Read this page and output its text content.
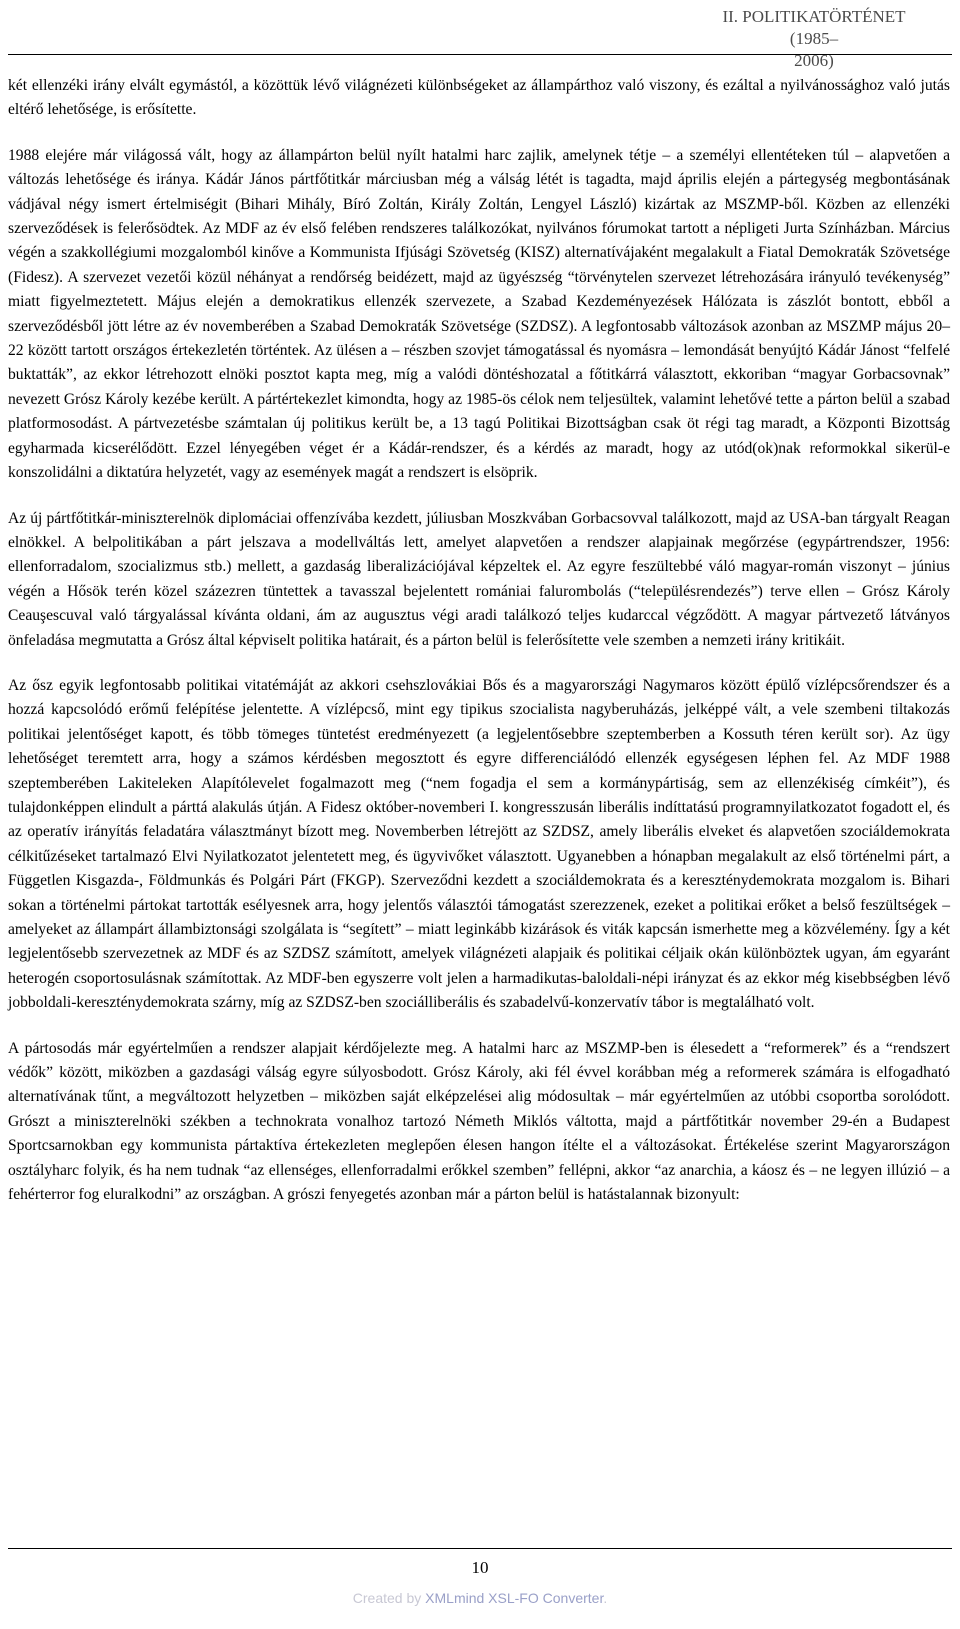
II. POLITIKATÖRTÉNET (1985–
2006)

két ellenzéki irány elvált egymástól, a közöttük lévő világnézeti különbségeket az állampárthoz való viszony, és ezáltal a nyilvánossághoz való jutás eltérő lehetősége, is erősítette.

1988 elejére már világossá vált, hogy az állampárton belül nyílt hatalmi harc zajlik, amelynek tétje – a személyi ellentéteken túl – alapvetően a változás lehetősége és iránya. Kádár János pártfőtitkár márciusban még a válság létét is tagadta, majd április elején a pártegység megbontásának vádjával négy ismert értelmiségit (Bihari Mihály, Bíró Zoltán, Király Zoltán, Lengyel László) kizártak az MSZMP-ből. Közben az ellenzéki szerveződések is felerősödtek. Az MDF az év első felében rendszeres találkozókat, nyilvános fórumokat tartott a népligeti Jurta Színházban. Március végén a szakkollégiumi mozgalomból kinőve a Kommunista Ifjúsági Szövetség (KISZ) alternatívájaként megalakult a Fiatal Demokraták Szövetsége (Fidesz). A szervezet vezetői közül néhányat a rendőrség beidézett, majd az ügyészség “törvénytelen szervezet létrehozására irányuló tevékenység” miatt figyelmeztetett. Május elején a demokratikus ellenzék szervezete, a Szabad Kezdeményezések Hálózata is zászlót bontott, ebből a szerveződésből jött létre az év novemberében a Szabad Demokraták Szövetsége (SZDSZ). A legfontosabb változások azonban az MSZMP május 20–22 között tartott országos értekezletén történtek. Az ülésen a – részben szovjet támogatással és nyomásra – lemondását benyújtó Kádár Jánost “felfelé buktatták”, az ekkor létrehozott elnöki posztot kapta meg, míg a valódi döntéshozatal a főtitkárrá választott, ekkoriban “magyar Gorbacsovnak” nevezett Grósz Károly kezébe került. A pártértekezlet kimondta, hogy az 1985-ös célok nem teljesültek, valamint lehetővé tette a párton belül a szabad platformosodást. A pártvezetésbe számtalan új politikus került be, a 13 tagú Politikai Bizottságban csak öt régi tag maradt, a Központi Bizottság egyharmada kicserélődött. Ezzel lényegében véget ér a Kádár-rendszer, és a kérdés az maradt, hogy az utód(ok)nak reformokkal sikerül-e konszolidálni a diktatúra helyzetét, vagy az események magát a rendszert is elsöprik.

Az új pártfőtitkár-miniszterelnök diplomáciai offenzívába kezdett, júliusban Moszkvában Gorbacsovval találkozott, majd az USA-ban tárgyalt Reagan elnökkel. A belpolitikában a párt jelszava a modellváltás lett, amelyet alapvetően a rendszer alapjainak megőrzése (egypártrendszer, 1956: ellenforradalom, szocializmus stb.) mellett, a gazdaság liberalizációjával képzeltek el. Az egyre feszültebbé váló magyar-román viszonyt – június végén a Hősök terén közel százezren tüntettek a tavasszal bejelentett romániai falurombolás (“településrendezés”) terve ellen – Grósz Károly Ceauşescuval való tárgyalással kívánta oldani, ám az augusztus végi aradi találkozó teljes kudarccal végződött. A magyar pártvezető látványos önfeladása megmutatta a Grósz által képviselt politika határait, és a párton belül is felerősítette vele szemben a nemzeti irány kritikáit.

Az ősz egyik legfontosabb politikai vitatémáját az akkori csehszlovákiai Bős és a magyarországi Nagymaros között épülő vízlépcsőrendszer és a hozzá kapcsolódó erőmű felépítése jelentette. A vízlépcső, mint egy tipikus szocialista nagyberuházás, jelképpé vált, a vele szembeni tiltakozás politikai jelentőséget kapott, és több tömeges tüntetést eredményezett (a legjelentősebbre szeptemberben a Kossuth téren került sor). Az ügy lehetőséget teremtett arra, hogy a számos kérdésben megosztott és egyre differenciálódó ellenzék egységesen léphen fel. Az MDF 1988 szeptemberében Lakiteleken Alapítólevelet fogalmazott meg (“nem fogadja el sem a kormánypártiság, sem az ellenzékiség címkéit”), és tulajdonképpen elindult a párttá alakulás útján. A Fidesz október-novemberi I. kongresszusán liberális indíttatású programnyilatkozatot fogadott el, és az operatív irányítás feladatára választmányt bízott meg. Novemberben létrejött az SZDSZ, amely liberális elveket és alapvetően szociáldemokrata célkitűzéseket tartalmazó Elvi Nyilatkozatot jelentetett meg, és ügyvivőket választott. Ugyanebben a hónapban megalakult az első történelmi párt, a Független Kisgazda-, Földmunkás és Polgári Párt (FKGP). Szerveződni kezdett a szociáldemokrata és a kereszténydemokrata mozgalom is. Bihari sokan a történelmi pártokat tartották esélyesnek arra, hogy jelentős választói támogatást szerezzenek, ezeket a politikai erőket a belső feszültségek – amelyeket az állampárt állambiztonsági szolgálata is “segített” – miatt leginkább kizárások és viták kapcsán ismerhette meg a közvélemény. Így a két legjelentősebb szervezetnek az MDF és az SZDSZ számított, amelyek világnézeti alapjaik és politikai céljaik okán különböztek ugyan, ám egyaránt heterogén csoportosulásnak számítottak. Az MDF-ben egyszerre volt jelen a harmadikutas-baloldali-népi irányzat és az ekkor még kisebbségben lévő jobboldali-kereszténydemokrata szárny, míg az SZDSZ-ben szociálliberális és szabadelvű-konzervatív tábor is megtalálható volt.

A pártosodás már egyértelműen a rendszer alapjait kérdőjelezte meg. A hatalmi harc az MSZMP-ben is élesedett a “reformerek” és a “rendszert védők” között, miközben a gazdasági válság egyre súlyosbodott. Grósz Károly, aki fél évvel korábban még a reformerek számára is elfogadható alternatívának tűnt, a megváltozott helyzetben – miközben saját elképzelései alig módosultak – már egyértelműen az utóbbi csoportba sorolódott. Grószt a miniszterelnöki székben a technokrata vonalhoz tartozó Németh Miklós váltotta, majd a pártfőtitkár november 29-én a Budapest Sportcsarnokban egy kommunista pártaktíva értekezleten meglepően élesen hangon ítélte el a változásokat. Értékelése szerint Magyarországon osztályharc folyik, és ha nem tudnak “az ellenséges, ellenforradalmi erőkkel szemben” fellépni, akkor “az anarchia, a káosz és – ne legyen illúzió – a fehérterror fog eluralkodni” az országban. A grószi fenyegetés azonban már a párton belül is hatástalannak bizonyult:

10
Created by XMLmind XSL-FO Converter.
